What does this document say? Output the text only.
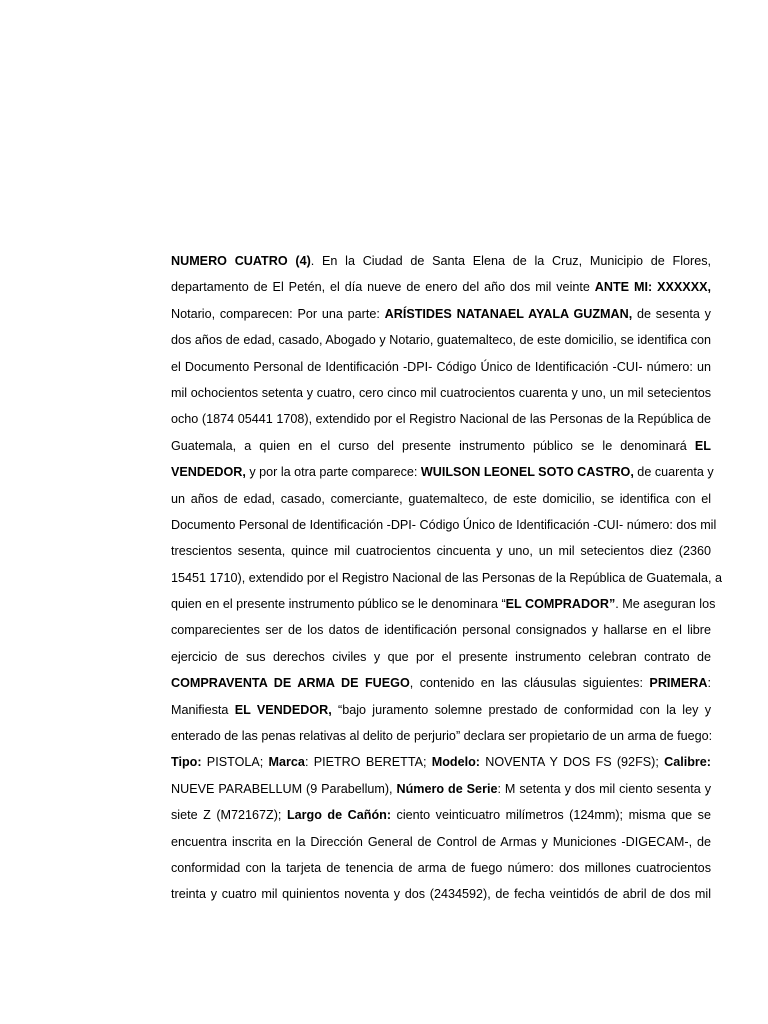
NUMERO CUATRO (4). En la Ciudad de Santa Elena de la Cruz, Municipio de Flores,
departamento de El Petén, el día nueve de enero del año dos mil veinte ANTE MI: XXXXXX,
Notario, comparecen: Por una parte: ARÍSTIDES NATANAEL AYALA GUZMAN, de sesenta y
dos años de edad, casado, Abogado y Notario, guatemalteco, de este domicilio, se identifica con
el Documento Personal de Identificación -DPI- Código Único de Identificación -CUI- número: un
mil ochocientos setenta y cuatro, cero cinco mil cuatrocientos cuarenta y uno, un mil setecientos
ocho (1874 05441 1708), extendido por el Registro Nacional de las Personas de la República de
Guatemala, a quien en el curso del presente instrumento público se le denominará EL
VENDEDOR, y por la otra parte comparece: WUILSON LEONEL SOTO CASTRO, de cuarenta y
un años de edad, casado, comerciante, guatemalteco, de este domicilio, se identifica con el
Documento Personal de Identificación -DPI- Código Único de Identificación -CUI- número: dos mil
trescientos sesenta, quince mil cuatrocientos cincuenta y uno, un mil setecientos diez (2360
15451 1710), extendido por el Registro Nacional de las Personas de la República de Guatemala, a
quien en el presente instrumento público se le denominara “EL COMPRADOR”. Me aseguran los
comparecientes ser de los datos de identificación personal consignados y hallarse en el libre
ejercicio de sus derechos civiles y que por el presente instrumento celebran contrato de
COMPRAVENTA DE ARMA DE FUEGO, contenido en las cláusulas siguientes: PRIMERA:
Manifiesta EL VENDEDOR, “bajo juramento solemne prestado de conformidad con la ley y
enterado de las penas relativas al delito de perjurio” declara ser propietario de un arma de fuego:
Tipo: PISTOLA; Marca: PIETRO BERETTA; Modelo: NOVENTA Y DOS FS (92FS); Calibre:
NUEVE PARABELLUM (9 Parabellum), Número de Serie: M setenta y dos mil ciento sesenta y
siete Z (M72167Z); Largo de Cañón: ciento veinticuatro milímetros (124mm); misma que se
encuentra inscrita en la Dirección General de Control de Armas y Municiones -DIGECAM-, de
conformidad con la tarjeta de tenencia de arma de fuego número: dos millones cuatrocientos
treinta y cuatro mil quinientos noventa y dos (2434592), de fecha veintidós de abril de dos mil
